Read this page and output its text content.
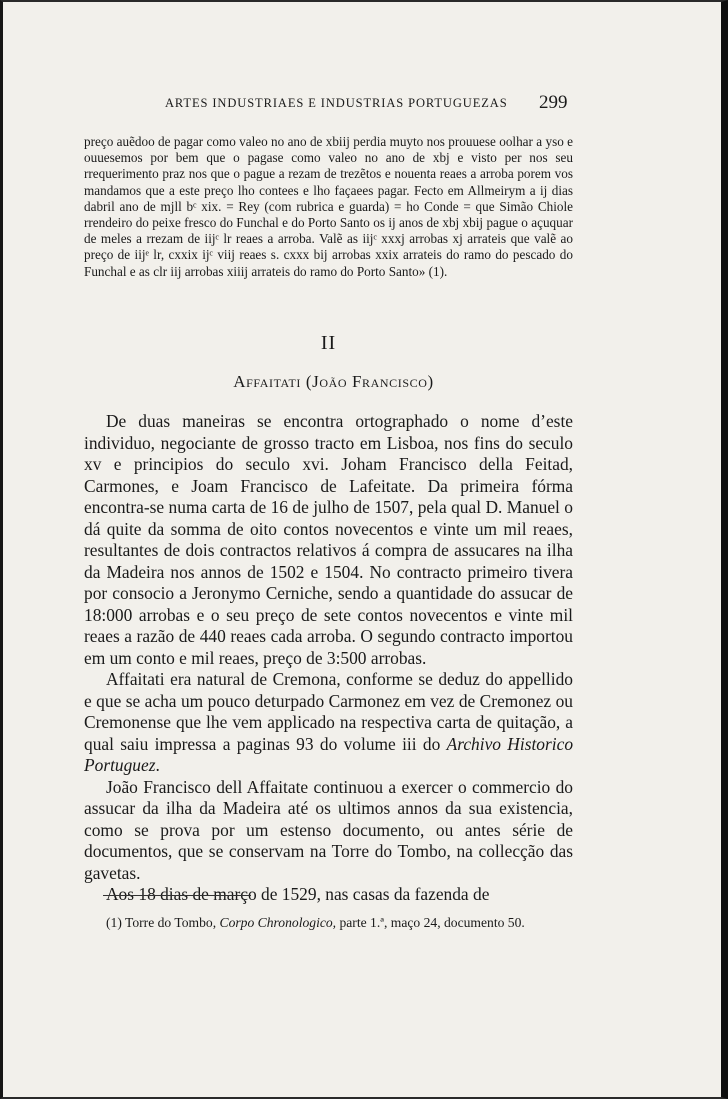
ARTES INDUSTRIAES E INDUSTRIAS PORTUGUEZAS 299

preço auẽdoo de pagar como valeo no ano de xbiij perdia muyto nos prouuese oolhar a yso e ouuesemos por bem que o pagase como valeo no ano de xbj e visto per nos seu rrequerimento praz nos que o pague a rezam de trezẽtos e nouenta reaes a arroba porem vos mandamos que a este preço lho contees e lho façaees pagar. Fecto em Allmeirym a ij dias dabril ano de mjll bᶜ xix. = Rey (com rubrica e guarda) = ho Conde = que Simão Chiole rrendeiro do peixe fresco do Funchal e do Porto Santo os ij anos de xbj xbij pague o açuquar de meles a rrezam de iijᶜ lr reaes a arroba. Valẽ as iijᶜ xxxj arrobas xj arrateis que valẽ ao preço de iijᵉ lr, cxxix ijᶜ viij reaes s. cxxx bij arrobas xxix arrateis do ramo do pescado do Funchal e as clr iij arrobas xiiij arrateis do ramo do Porto Santo» (1).

II
Affaitati (João Francisco)

De duas maneiras se encontra ortographado o nome d’este individuo, negociante de grosso tracto em Lisboa, nos fins do seculo xv e principios do seculo xvi. Joham Francisco della Feitad, Carmones, e Joam Francisco de Lafeitate. Da primeira fórma encontra-se numa carta de 16 de julho de 1507, pela qual D. Manuel o dá quite da somma de oito contos novecentos e vinte um mil reaes, resultantes de dois contractos relativos á compra de assucares na ilha da Madeira nos annos de 1502 e 1504. No contracto primeiro tivera por consocio a Jeronymo Cerniche, sendo a quantidade do assucar de 18:000 arrobas e o seu preço de sete contos novecentos e vinte mil reaes a razão de 440 reaes cada arroba. O segundo contracto importou em um conto e mil reaes, preço de 3:500 arrobas.

Affaitati era natural de Cremona, conforme se deduz do appellido e que se acha um pouco deturpado Carmonez em vez de Cremonez ou Cremonense que lhe vem applicado na respectiva carta de quitação, a qual saiu impressa a paginas 93 do volume iii do Archivo Historico Portuguez.

João Francisco dell Affaitate continuou a exercer o commercio do assucar da ilha da Madeira até os ultimos annos da sua existencia, como se prova por um estenso documento, ou antes série de documentos, que se conservam na Torre do Tombo, na collecção das gavetas.

Aos 18 dias de março de 1529, nas casas da fazenda de

(1) Torre do Tombo, Corpo Chronologico, parte 1.ª, maço 24, documento 50.
